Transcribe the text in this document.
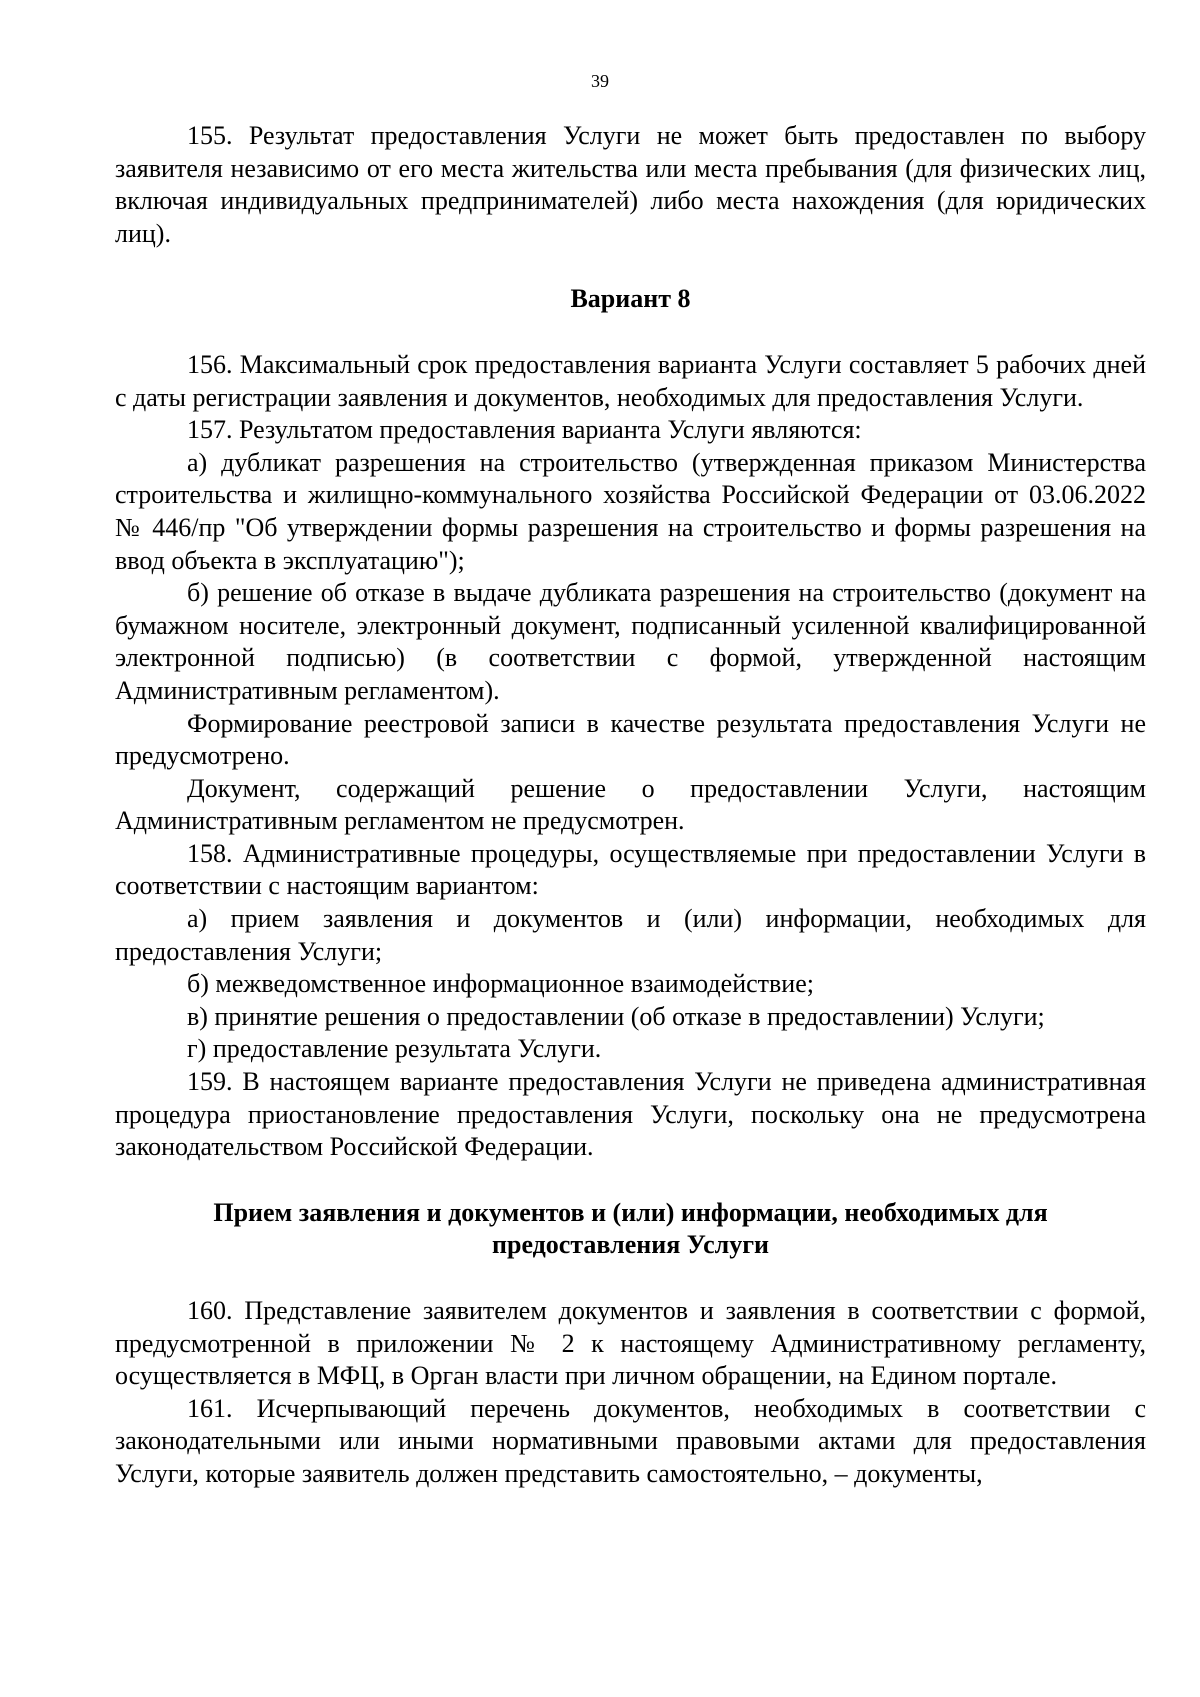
39

155. Результат предоставления Услуги не может быть предоставлен по выбору заявителя независимо от его места жительства или места пребывания (для физических лиц, включая индивидуальных предпринимателей) либо места нахождения (для юридических лиц).

Вариант 8

156. Максимальный срок предоставления варианта Услуги составляет 5 рабочих дней с даты регистрации заявления и документов, необходимых для предоставления Услуги.

157. Результатом предоставления варианта Услуги являются:

а) дубликат разрешения на строительство (утвержденная приказом Министерства строительства и жилищно-коммунального хозяйства Российской Федерации от 03.06.2022 № 446/пр "Об утверждении формы разрешения на строительство и формы разрешения на ввод объекта в эксплуатацию");

б) решение об отказе в выдаче дубликата разрешения на строительство (документ на бумажном носителе, электронный документ, подписанный усиленной квалифицированной электронной подписью) (в соответствии с формой, утвержденной настоящим Административным регламентом).

Формирование реестровой записи в качестве результата предоставления Услуги не предусмотрено.

Документ, содержащий решение о предоставлении Услуги, настоящим Административным регламентом не предусмотрен.

158. Административные процедуры, осуществляемые при предоставлении Услуги в соответствии с настоящим вариантом:

а) прием заявления и документов и (или) информации, необходимых для предоставления Услуги;

б) межведомственное информационное взаимодействие;

в) принятие решения о предоставлении (об отказе в предоставлении) Услуги;

г) предоставление результата Услуги.

159. В настоящем варианте предоставления Услуги не приведена административная процедура приостановление предоставления Услуги, поскольку она не предусмотрена законодательством Российской Федерации.

Прием заявления и документов и (или) информации, необходимых для предоставления Услуги

160. Представление заявителем документов и заявления в соответствии с формой, предусмотренной в приложении № 2 к настоящему Административному регламенту, осуществляется в МФЦ, в Орган власти при личном обращении, на Едином портале.

161. Исчерпывающий перечень документов, необходимых в соответствии с законодательными или иными нормативными правовыми актами для предоставления Услуги, которые заявитель должен представить самостоятельно, – документы,
